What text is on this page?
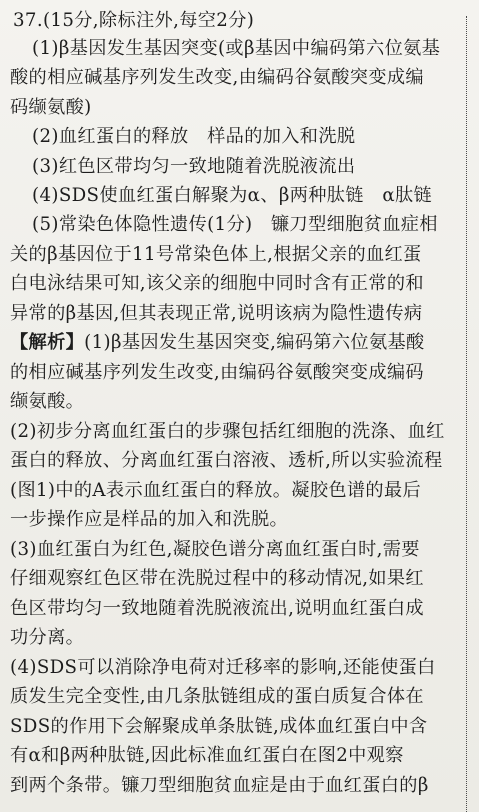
37.(15分,除标注外,每空2分)
(1)β基因发生基因突变(或β基因中编码第六位氨基
酸的相应碱基序列发生改变,由编码谷氨酸突变成编
码缬氨酸)
(2)血红蛋白的释放　样品的加入和洗脱
(3)红色区带均匀一致地随着洗脱液流出
(4)SDS使血红蛋白解聚为α、β两种肽链　α肽链
(5)常染色体隐性遗传(1分)　镰刀型细胞贫血症相
关的β基因位于11号常染色体上,根据父亲的血红蛋
白电泳结果可知,该父亲的细胞中同时含有正常的和
异常的β基因,但其表现正常,说明该病为隐性遗传病
【解析】(1)β基因发生基因突变,编码第六位氨基酸
的相应碱基序列发生改变,由编码谷氨酸突变成编码
缬氨酸。
(2)初步分离血红蛋白的步骤包括红细胞的洗涤、血红
蛋白的释放、分离血红蛋白溶液、透析,所以实验流程
(图1)中的A表示血红蛋白的释放。凝胶色谱的最后
一步操作应是样品的加入和洗脱。
(3)血红蛋白为红色,凝胶色谱分离血红蛋白时,需要
仔细观察红色区带在洗脱过程中的移动情况,如果红
色区带均匀一致地随着洗脱液流出,说明血红蛋白成
功分离。
(4)SDS可以消除净电荷对迁移率的影响,还能使蛋白
质发生完全变性,由几条肽链组成的蛋白质复合体在
SDS的作用下会解聚成单条肽链,成体血红蛋白中含
有α和β两种肽链,因此标准血红蛋白在图2中观察
到两个条带。镰刀型细胞贫血症是由于血红蛋白的β
